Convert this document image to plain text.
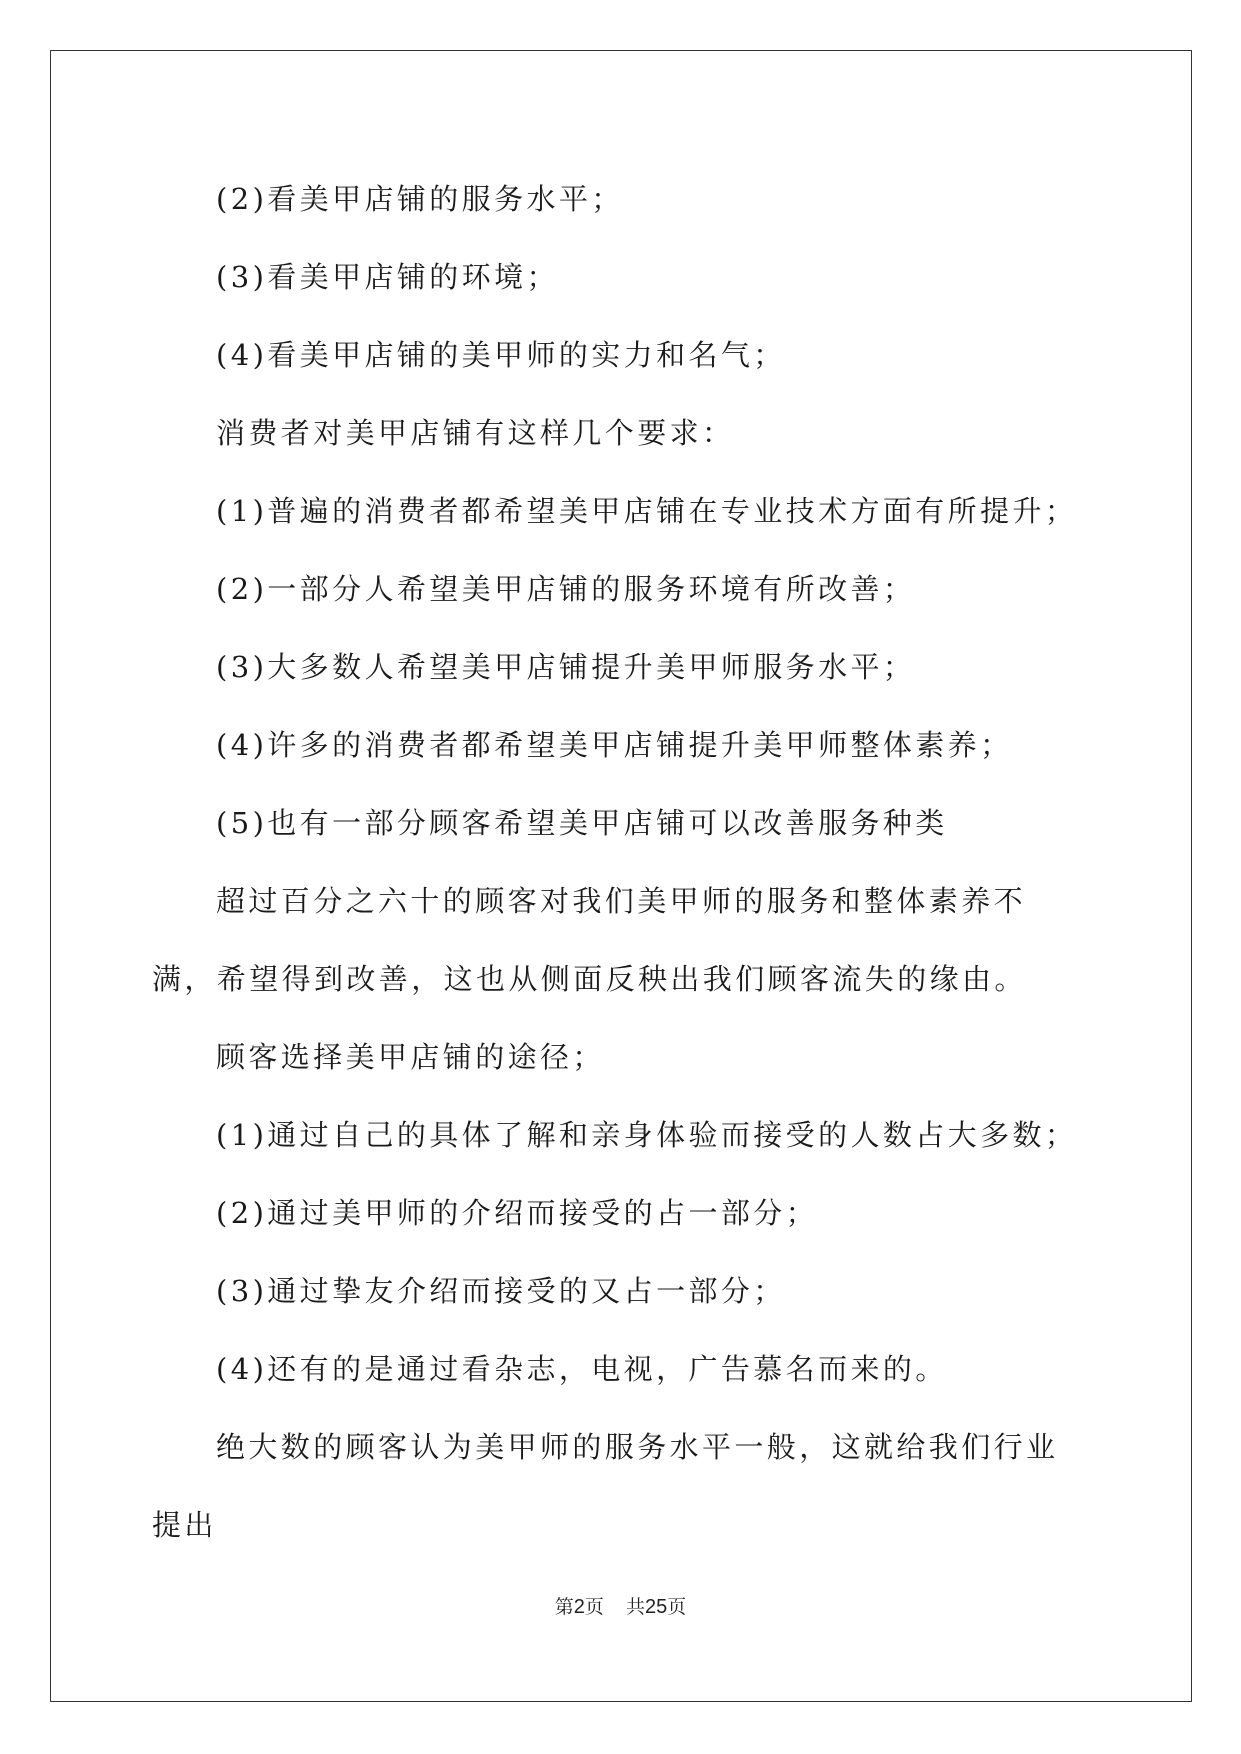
(2)看美甲店铺的服务水平；

(3)看美甲店铺的环境；

(4)看美甲店铺的美甲师的实力和名气；

消费者对美甲店铺有这样几个要求：

(1)普遍的消费者都希望美甲店铺在专业技术方面有所提升；

(2)一部分人希望美甲店铺的服务环境有所改善；

(3)大多数人希望美甲店铺提升美甲师服务水平；

(4)许多的消费者都希望美甲店铺提升美甲师整体素养；

(5)也有一部分顾客希望美甲店铺可以改善服务种类

超过百分之六十的顾客对我们美甲师的服务和整体素养不满，希望得到改善，这也从侧面反秧出我们顾客流失的缘由。

顾客选择美甲店铺的途径；

(1)通过自己的具体了解和亲身体验而接受的人数占大多数；

(2)通过美甲师的介绍而接受的占一部分；

(3)通过挚友介绍而接受的又占一部分；

(4)还有的是通过看杂志，电视，广告慕名而来的。

绝大数的顾客认为美甲师的服务水平一般，这就给我们行业提出

第2页 共25页
